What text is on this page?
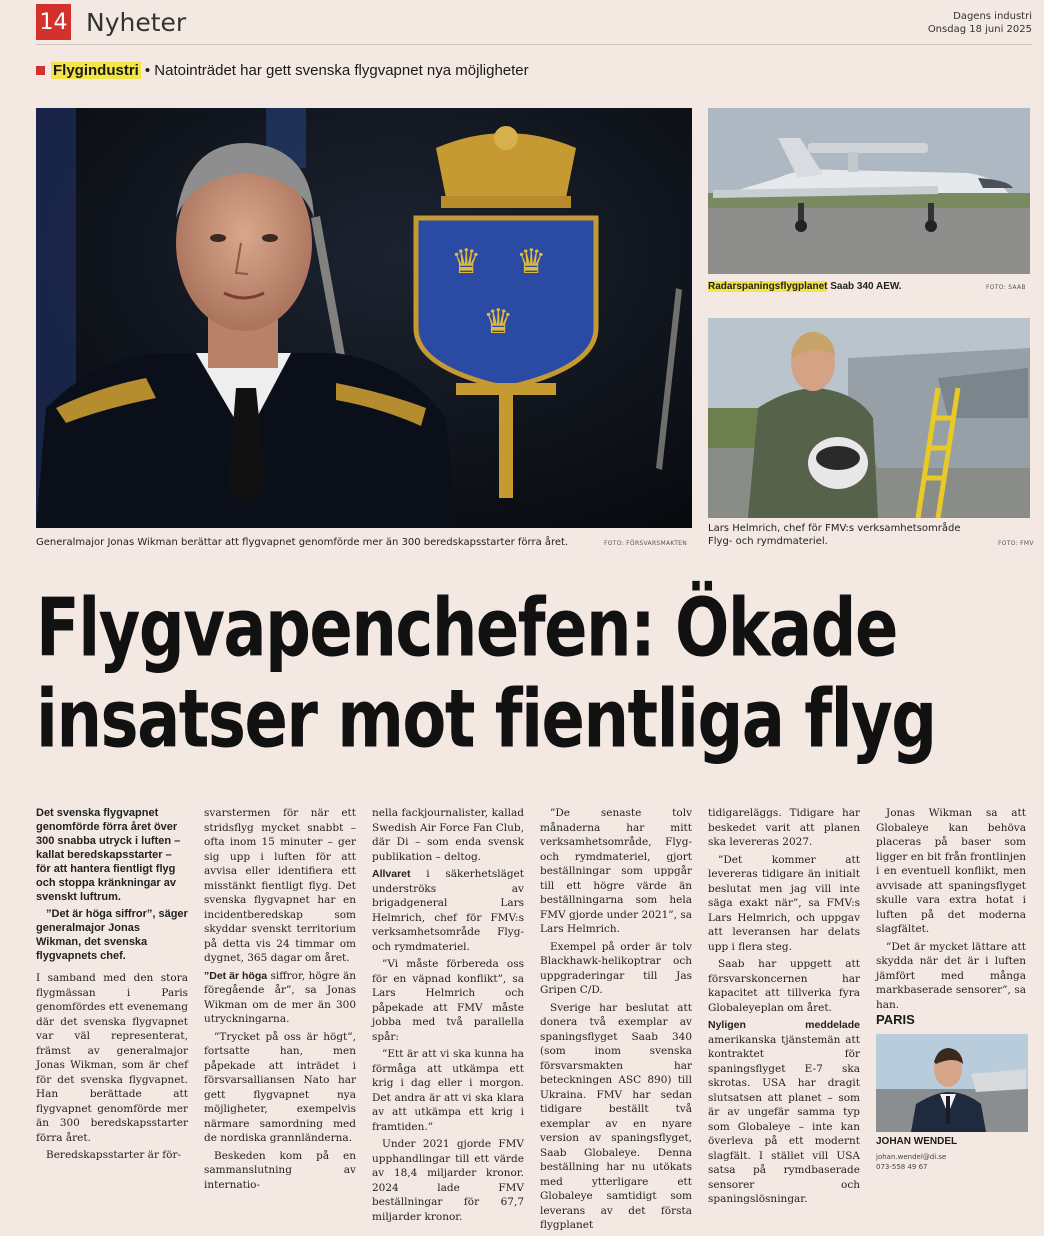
14 Nyheter	Dagens industri
Onsdag 18 juni 2025
Flygindustri • Natointrädet har gett svenska flygvapnet nya möjligheter
♛ ♛
♛
Generalmajor Jonas Wikman berättar att flygvapnet genomförde mer än 300 beredskapsstarter förra året.	FOTO: FÖRSVARSMAKTEN
Radarspaningsflygplanet Saab 340 AEW.	FOTO: SAAB
Lars Helmrich, chef för FMV:s verksamhetsområde Flyg- och rymdmateriel.	FOTO: FMV
Flygvapenchefen: Ökade insatser mot fientliga flyg

Det svenska flygvapnet genomförde förra året över 300 snabba utryck i luften – kallat beredskapsstarter – för att hantera fientligt flyg och stoppa kränkningar av svenskt luftrum.

”Det är höga siffror”, säger generalmajor Jonas Wikman, det svenska flygvapnets chef.

I samband med den stora flygmässan i Paris genomfördes ett evenemang där det svenska flygvapnet var väl representerat, främst av generalmajor Jonas Wikman, som är chef för det svenska flygvapnet. Han berättade att flygvapnet genomförde mer än 300 beredskapsstarter förra året.

Beredskapsstarter är för-

svarstermen för när ett stridsflyg mycket snabbt – ofta inom 15 minuter – ger sig upp i luften för att avvisa eller identifiera ett misstänkt fientligt flyg. Det svenska flygvapnet har en incidentberedskap som skyddar svenskt territorium på detta vis 24 timmar om dygnet, 365 dagar om året.

”Det är höga siffror, högre än föregående år”, sa Jonas Wikman om de mer än 300 utryckningarna.

”Trycket på oss är högt”, fortsatte han, men påpekade att inträdet i försvarsalliansen Nato har gett flygvapnet nya möjligheter, exempelvis närmare samordning med de nordiska grannländerna.

Beskeden kom på en sammanslutning av internatio-

nella fackjournalister, kallad Swedish Air Force Fan Club, där Di – som enda svensk publikation – deltog.

Allvaret i säkerhetsläget underströks av brigadgeneral Lars Helmrich, chef för FMV:s verksamhetsområde Flyg- och rymdmateriel.

”Vi måste förbereda oss för en väpnad konflikt”, sa Lars Helmrich och påpekade att FMV måste jobba med två parallella spår:

”Ett är att vi ska kunna ha förmåga att utkämpa ett krig i dag eller i morgon. Det andra är att vi ska klara av att utkämpa ett krig i framtiden.”

Under 2021 gjorde FMV upphandlingar till ett värde av 18,4 miljarder kronor. 2024 lade FMV beställningar för 67,7 miljarder kronor.

”De senaste tolv månaderna har mitt verksamhetsområde, Flyg- och rymdmateriel, gjort beställningar som uppgår till ett högre värde än beställningarna som hela FMV gjorde under 2021”, sa Lars Helmrich.

Exempel på order är tolv Blackhawk-helikoptrar och uppgraderingar till Jas Gripen C/D.

Sverige har beslutat att donera två exemplar av spaningsflyget Saab 340 (som inom svenska försvarsmakten har beteckningen ASC 890) till Ukraina. FMV har sedan tidigare beställt två exemplar av en nyare version av spaningsflyget, Saab Globaleye. Denna beställning har nu utökats med ytterligare ett Globaleye samtidigt som leverans av det första flygplanet

tidigareläggs. Tidigare har beskedet varit att planen ska levereras 2027.

”Det kommer att levereras tidigare än initialt beslutat men jag vill inte säga exakt när”, sa FMV:s Lars Helmrich, och uppgav att leveransen har delats upp i flera steg.

Saab har uppgett att försvarskoncernen har kapacitet att tillverka fyra Globaleyeplan om året.

Nyligen meddelade amerikanska tjänstemän att kontraktet för spaningsflyget E-7 ska skrotas. USA har dragit slutsatsen att planet – som är av ungefär samma typ som Globaleye – inte kan överleva på ett modernt slagfält. I stället vill USA satsa på rymdbaserade sensorer och spaningslösningar.

Jonas Wikman sa att Globaleye kan behöva placeras på baser som ligger en bit från frontlinjen i en eventuell konflikt, men avvisade att spaningsflyget skulle vara extra hotat i luften på det moderna slagfältet.

”Det är mycket lättare att skydda när det är i luften jämfört med många markbaserade sensorer”, sa han.

PARIS
JOHAN WENDEL
johan.wendel@di.se
073-558 49 67
